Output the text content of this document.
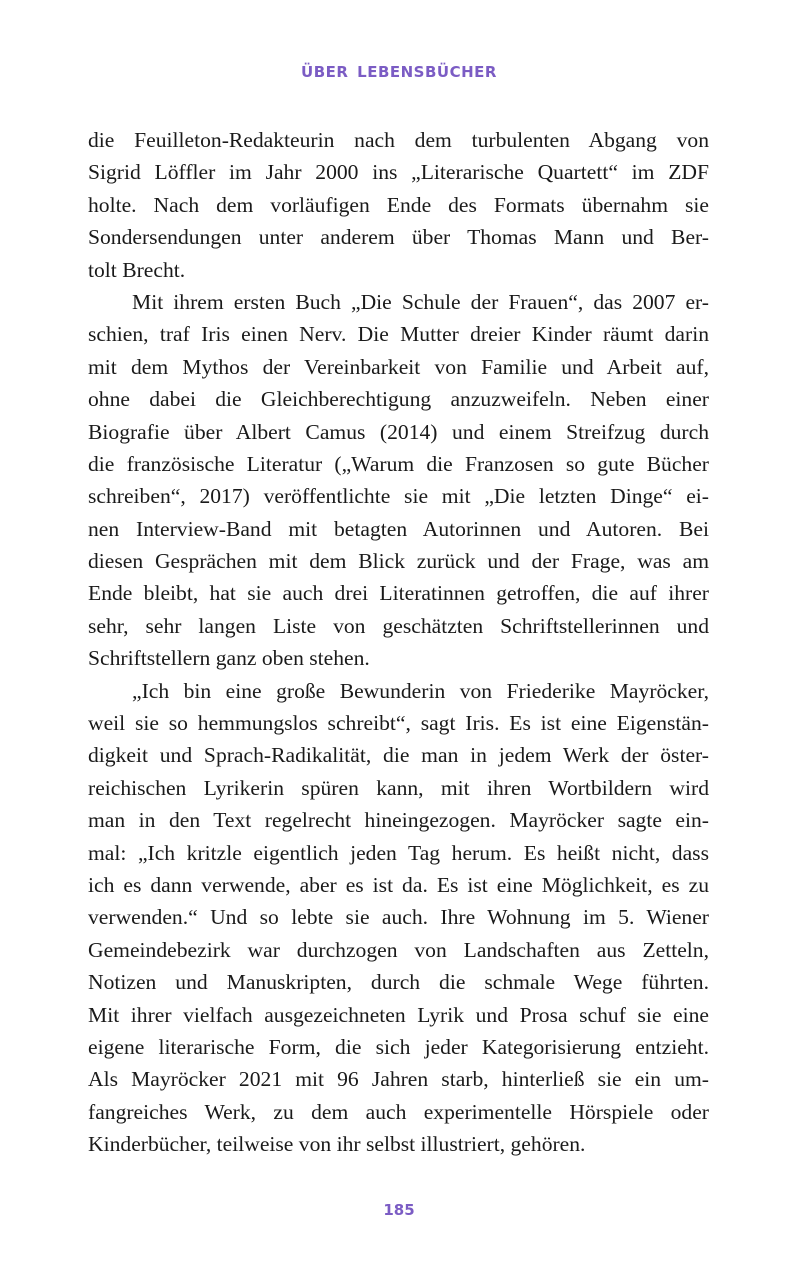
ÜBER LEBENSBÜCHER

die Feuilleton-Redakteurin nach dem turbulenten Abgang von
Sigrid Löffler im Jahr 2000 ins „Literarische Quartett“ im ZDF
holte. Nach dem vorläufigen Ende des Formats übernahm sie
Sondersendungen unter anderem über Thomas Mann und Ber-
tolt Brecht.

Mit ihrem ersten Buch „Die Schule der Frauen“, das 2007 er-
schien, traf Iris einen Nerv. Die Mutter dreier Kinder räumt darin
mit dem Mythos der Vereinbarkeit von Familie und Arbeit auf,
ohne dabei die Gleichberechtigung anzuzweifeln. Neben einer
Biografie über Albert Camus (2014) und einem Streifzug durch
die französische Literatur („Warum die Franzosen so gute Bücher
schreiben“, 2017) veröffentlichte sie mit „Die letzten Dinge“ ei-
nen Interview-Band mit betagten Autorinnen und Autoren. Bei
diesen Gesprächen mit dem Blick zurück und der Frage, was am
Ende bleibt, hat sie auch drei Literatinnen getroffen, die auf ihrer
sehr, sehr langen Liste von geschätzten Schriftstellerinnen und
Schriftstellern ganz oben stehen.

„Ich bin eine große Bewunderin von Friederike Mayröcker,
weil sie so hemmungslos schreibt“, sagt Iris. Es ist eine Eigenstän-
digkeit und Sprach-Radikalität, die man in jedem Werk der öster-
reichischen Lyrikerin spüren kann, mit ihren Wortbildern wird
man in den Text regelrecht hineingezogen. Mayröcker sagte ein-
mal: „Ich kritzle eigentlich jeden Tag herum. Es heißt nicht, dass
ich es dann verwende, aber es ist da. Es ist eine Möglichkeit, es zu
verwenden.“ Und so lebte sie auch. Ihre Wohnung im 5. Wiener
Gemeindebezirk war durchzogen von Landschaften aus Zetteln,
Notizen und Manuskripten, durch die schmale Wege führten.
Mit ihrer vielfach ausgezeichneten Lyrik und Prosa schuf sie eine
eigene literarische Form, die sich jeder Kategorisierung entzieht.
Als Mayröcker 2021 mit 96 Jahren starb, hinterließ sie ein um-
fangreiches Werk, zu dem auch experimentelle Hörspiele oder
Kinderbücher, teilweise von ihr selbst illustriert, gehören.

185
